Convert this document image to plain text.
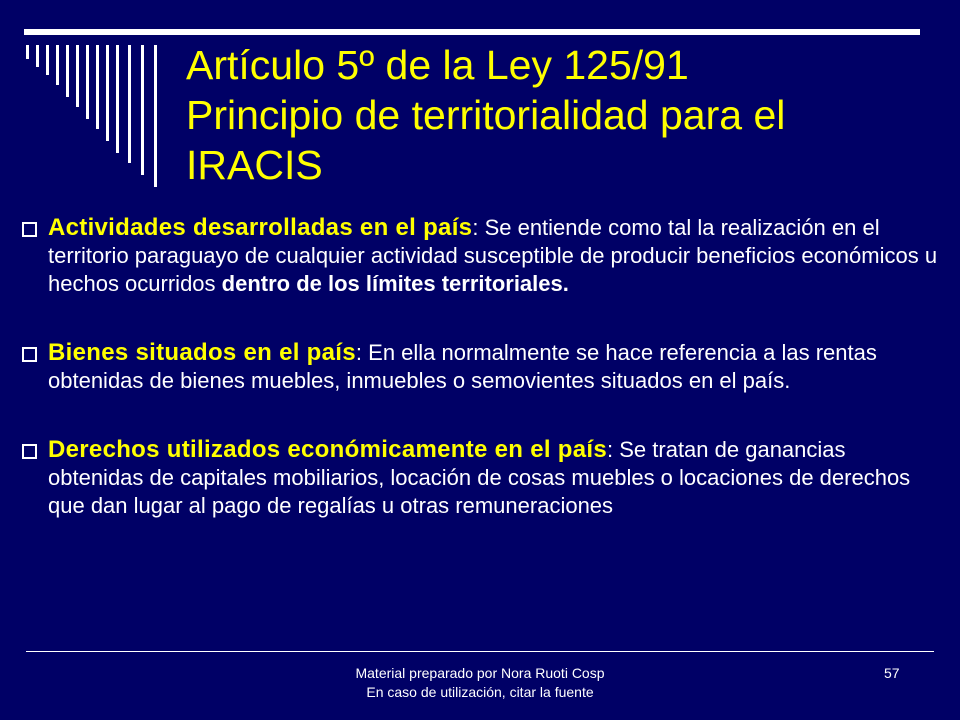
Artículo 5º de la Ley 125/91
Principio de territorialidad para el
IRACIS
Actividades desarrolladas en el país: Se entiende como tal la realización en el territorio paraguayo de cualquier actividad susceptible de producir beneficios económicos u hechos ocurridos dentro de los límites territoriales.
Bienes situados en el país: En ella normalmente se hace referencia a las rentas obtenidas de bienes muebles, inmuebles o semovientes situados en el país.
Derechos utilizados económicamente en el país: Se tratan de ganancias obtenidas de capitales mobiliarios, locación de cosas muebles o locaciones de derechos que dan lugar al pago de regalías u otras remuneraciones
Material preparado por Nora Ruoti Cosp
En caso de utilización, citar la fuente
57
